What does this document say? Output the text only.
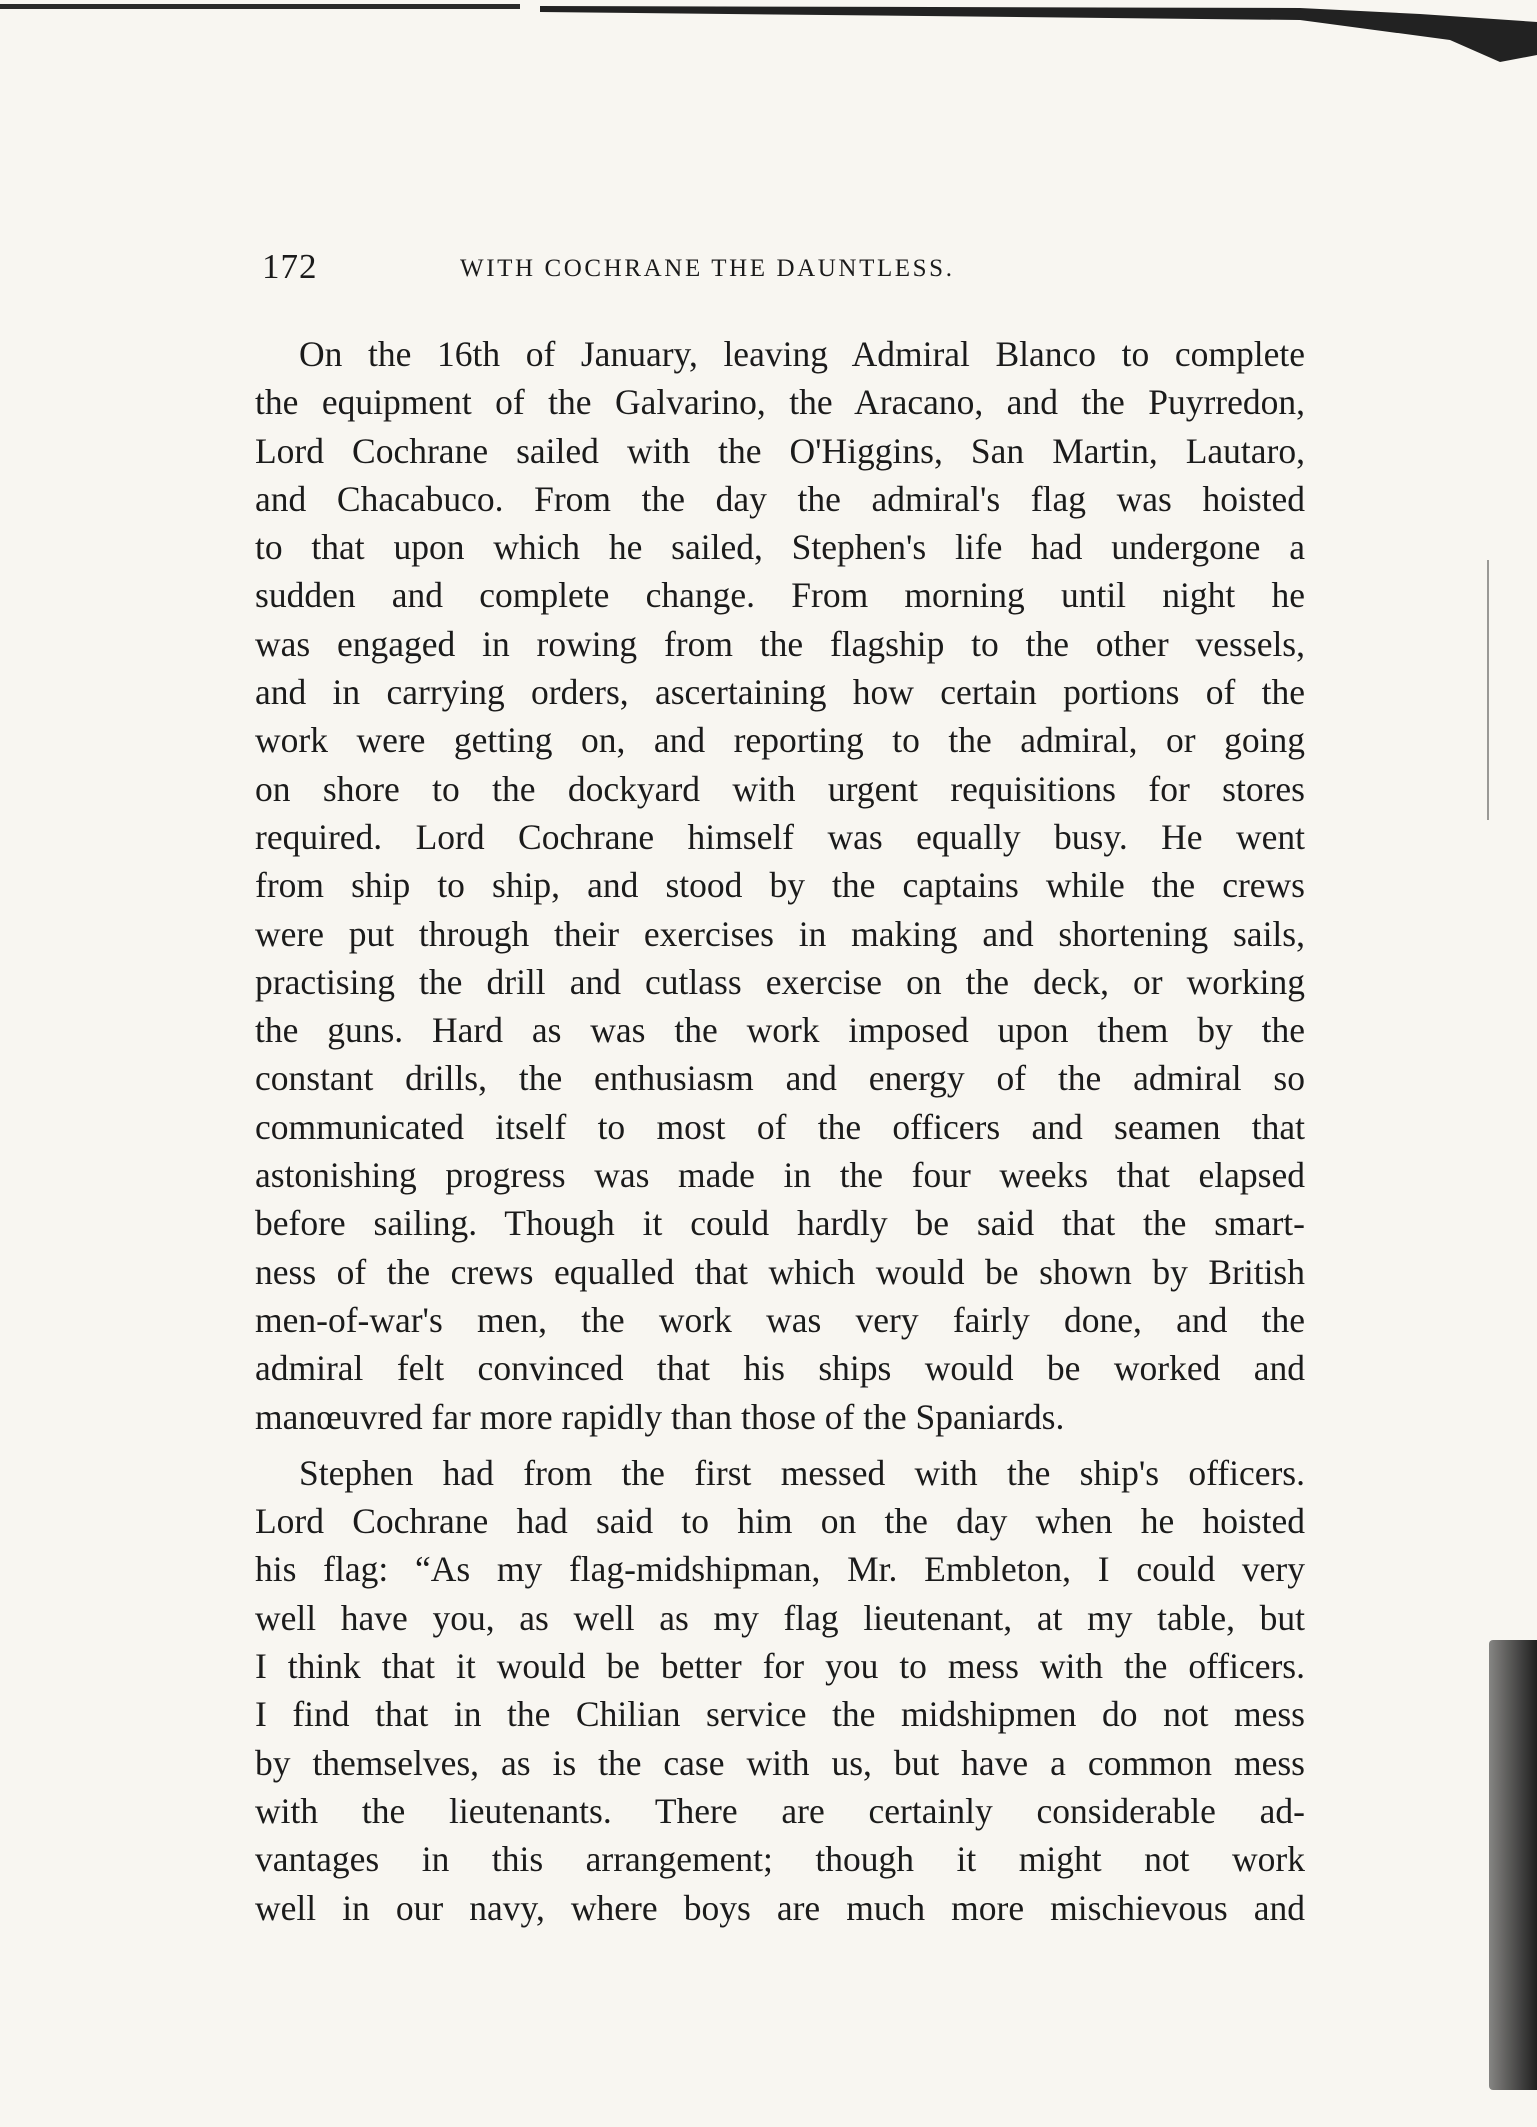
172	WITH COCHRANE THE DAUNTLESS.
On the 16th of January, leaving Admiral Blanco to complete
the equipment of the Galvarino, the Aracano, and the Puyrredon,
Lord Cochrane sailed with the O'Higgins, San Martin, Lautaro,
and Chacabuco. From the day the admiral's flag was hoisted
to that upon which he sailed, Stephen's life had undergone a
sudden and complete change. From morning until night he
was engaged in rowing from the flagship to the other vessels,
and in carrying orders, ascertaining how certain portions of the
work were getting on, and reporting to the admiral, or going
on shore to the dockyard with urgent requisitions for stores
required. Lord Cochrane himself was equally busy. He went
from ship to ship, and stood by the captains while the crews
were put through their exercises in making and shortening sails,
practising the drill and cutlass exercise on the deck, or working
the guns. Hard as was the work imposed upon them by the
constant drills, the enthusiasm and energy of the admiral so
communicated itself to most of the officers and seamen that
astonishing progress was made in the four weeks that elapsed
before sailing. Though it could hardly be said that the smart-
ness of the crews equalled that which would be shown by British
men-of-war's men, the work was very fairly done, and the
admiral felt convinced that his ships would be worked and
manœuvred far more rapidly than those of the Spaniards.
Stephen had from the first messed with the ship's officers.
Lord Cochrane had said to him on the day when he hoisted
his flag: “As my flag-midshipman, Mr. Embleton, I could very
well have you, as well as my flag lieutenant, at my table, but
I think that it would be better for you to mess with the officers.
I find that in the Chilian service the midshipmen do not mess
by themselves, as is the case with us, but have a common mess
with the lieutenants. There are certainly considerable ad-
vantages in this arrangement; though it might not work
well in our navy, where boys are much more mischievous and
